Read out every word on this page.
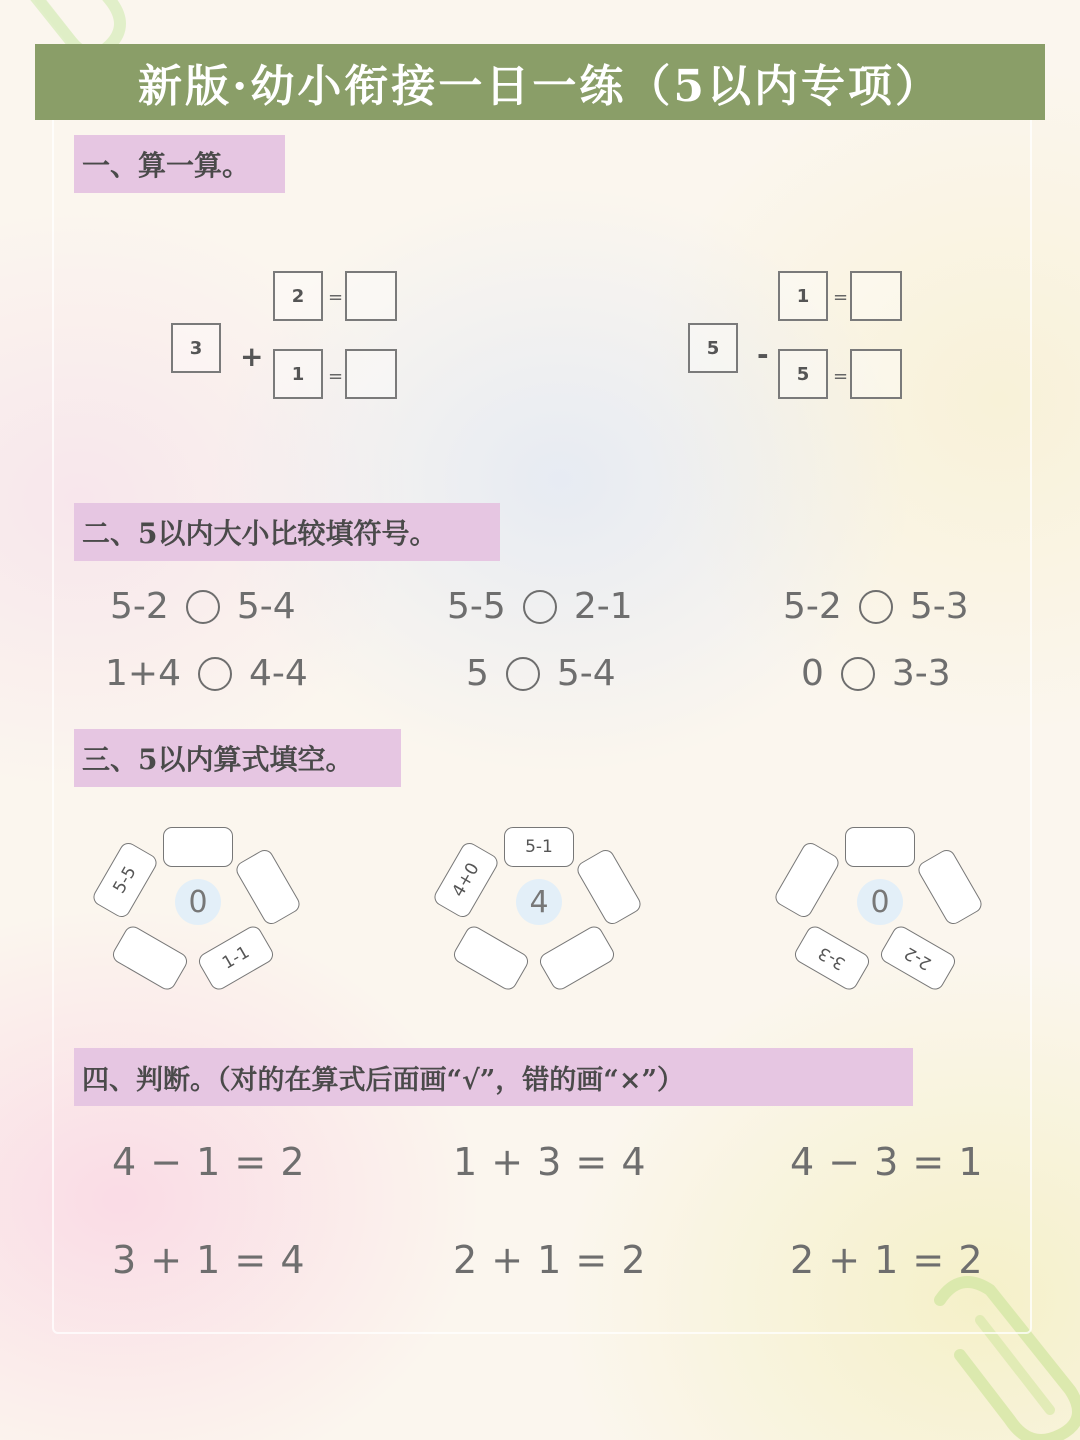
新版·幼小衔接一日一练（5以内专项）
一、算一算。
3	+
2	=
1	=
5	-
1	=
5	=
二、5以内大小比较填符号。
5-2 5-4	5-5 2-1	5-2 5-3
1+4 4-4	5 5-4	0 3-3
三、5以内算式填空。
1-1
5-5
0
5-1
4+0
4
2-2
3-3
0
四、判断。（对的在算式后面画“√”，错的画“×”）
4 − 1 = 2	1 + 3 = 4	4 − 3 = 1
3 + 1 = 4	2 + 1 = 2	2 + 1 = 2
